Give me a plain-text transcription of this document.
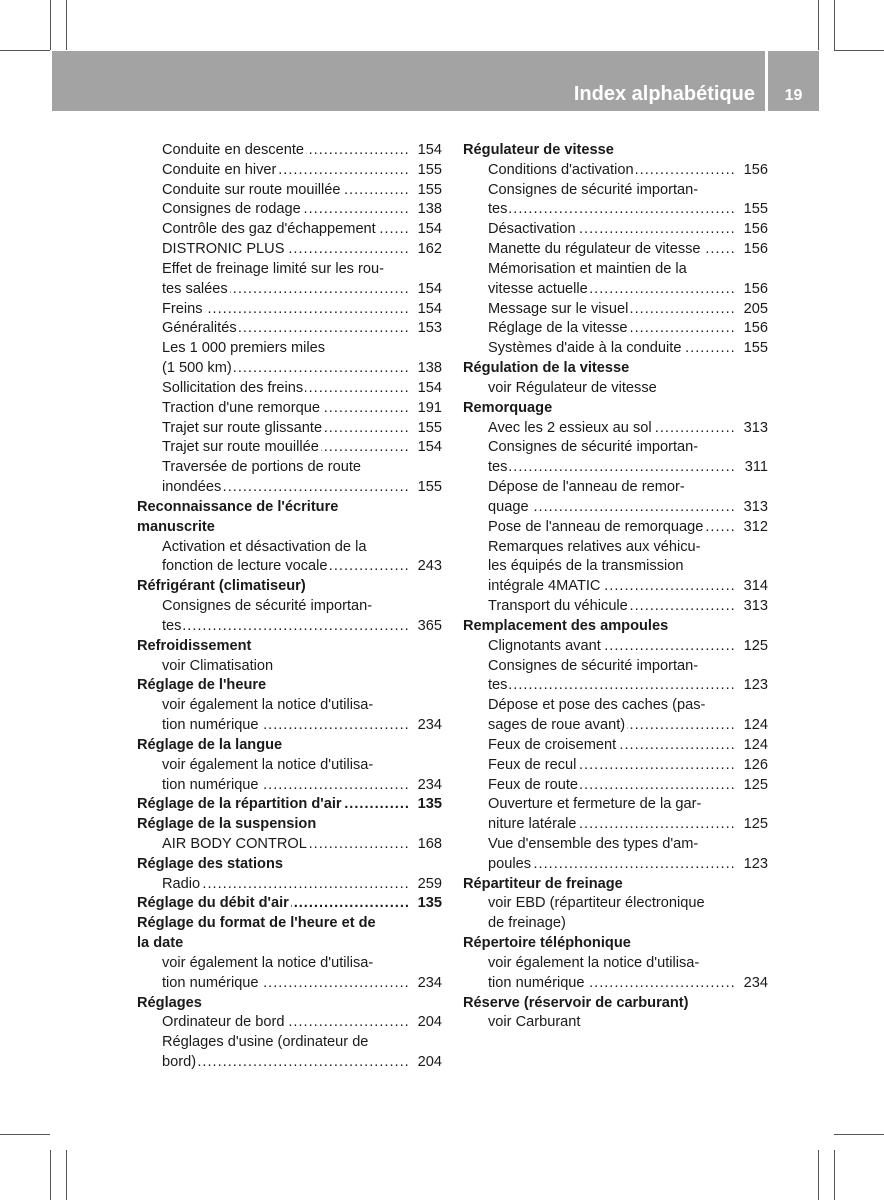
Index alphabétique	19
Conduite en descente	154
.....
Conduite en hiver	155
.....
Conduite sur route mouillée	155
.....
Consignes de rodage	138
.....
Contrôle des gaz d'échappement	154
.....
DISTRONIC PLUS	162
.....
Effet de freinage limité sur les rou-
tes salées	154
.....
Freins	154
.....
Généralités	153
.....
Les 1 000 premiers miles
(1 500 km)	138
.....
Sollicitation des freins	154
.....
Traction d'une remorque	191
.....
Trajet sur route glissante	155
.....
Trajet sur route mouillée	154
.....
Traversée de portions de route
inondées	155
.....
Reconnaissance de l'écriture
manuscrite
Activation et désactivation de la
fonction de lecture vocale	243
.....
Réfrigérant (climatiseur)
Consignes de sécurité importan-
tes	365
.....
Refroidissement
voir Climatisation
Réglage de l'heure
voir également la notice d'utilisa-
tion numérique	234
.....
Réglage de la langue
voir également la notice d'utilisa-
tion numérique	234
.....
Réglage de la répartition d'air	135
.....
Réglage de la suspension
AIR BODY CONTROL	168
.....
Réglage des stations
Radio	259
.....
Réglage du débit d'air	135
.....
Réglage du format de l'heure et de
la date
voir également la notice d'utilisa-
tion numérique	234
.....
Réglages
Ordinateur de bord	204
.....
Réglages d'usine (ordinateur de
bord)	204
.....
Régulateur de vitesse
Conditions d'activation	156
.....
Consignes de sécurité importan-
tes	155
.....
Désactivation	156
.....
Manette du régulateur de vitesse	156
.....
Mémorisation et maintien de la
vitesse actuelle	156
.....
Message sur le visuel	205
.....
Réglage de la vitesse	156
.....
Systèmes d'aide à la conduite	155
.....
Régulation de la vitesse
voir Régulateur de vitesse
Remorquage
Avec les 2 essieux au sol	313
.....
Consignes de sécurité importan-
tes	311
.....
Dépose de l'anneau de remor-
quage	313
.....
Pose de l'anneau de remorquage	312
.....
Remarques relatives aux véhicu-
les équipés de la transmission
intégrale 4MATIC	314
.....
Transport du véhicule	313
.....
Remplacement des ampoules
Clignotants avant	125
.....
Consignes de sécurité importan-
tes	123
.....
Dépose et pose des caches (pas-
sages de roue avant)	124
.....
Feux de croisement	124
.....
Feux de recul	126
.....
Feux de route	125
.....
Ouverture et fermeture de la gar-
niture latérale	125
.....
Vue d'ensemble des types d'am-
poules	123
.....
Répartiteur de freinage
voir EBD (répartiteur électronique
de freinage)
Répertoire téléphonique
voir également la notice d'utilisa-
tion numérique	234
.....
Réserve (réservoir de carburant)
voir Carburant
